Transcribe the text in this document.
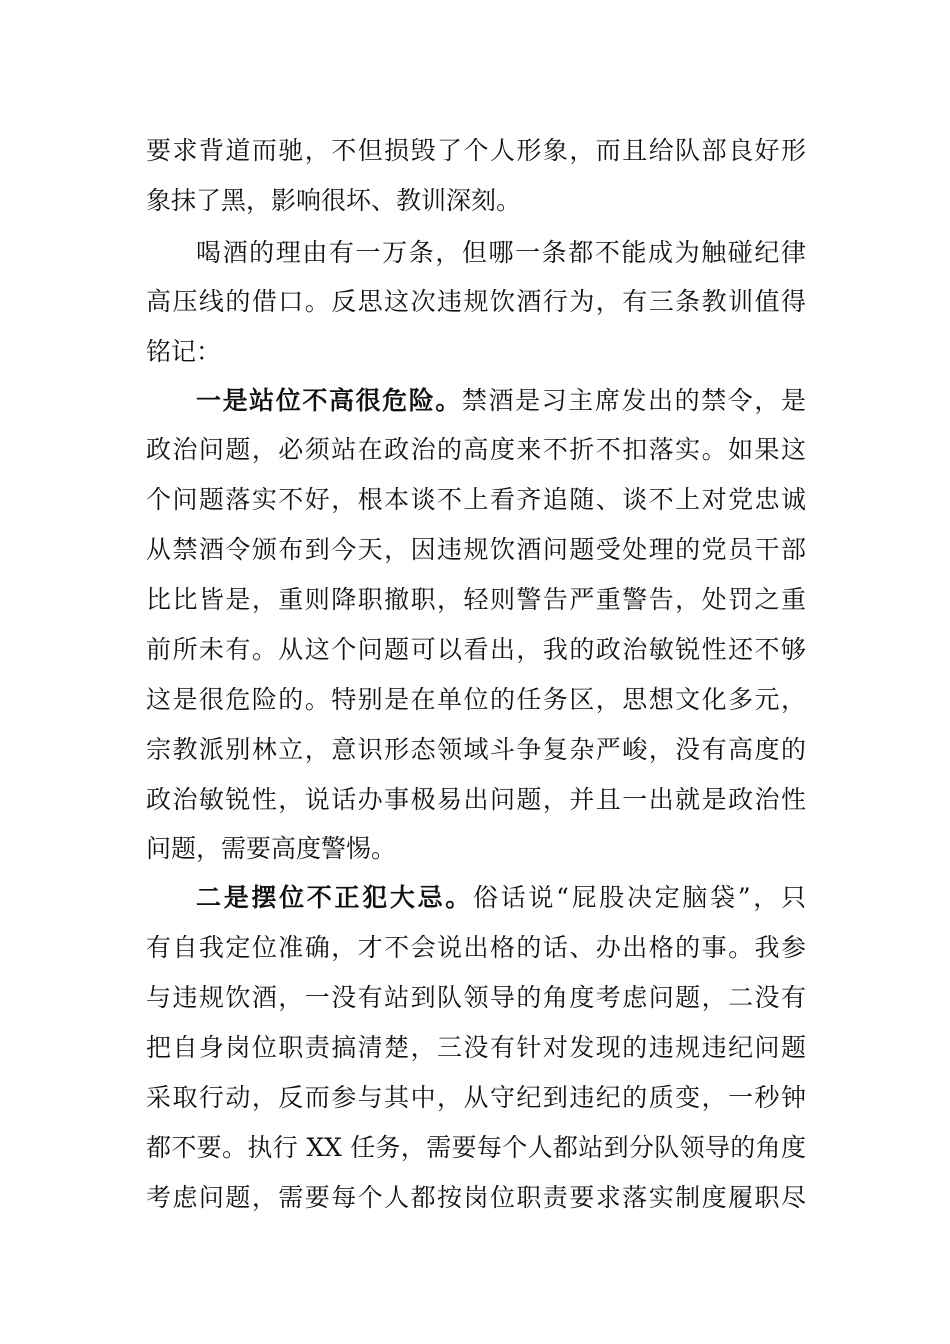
要求背道而驰，不但损毁了个人形象，而且给队部良好形
象抹了黑，影响很坏、教训深刻。
喝酒的理由有一万条，但哪一条都不能成为触碰纪律
高压线的借口。反思这次违规饮酒行为，有三条教训值得
铭记：
一是站位不高很危险。禁酒是习主席发出的禁令，是
政治问题，必须站在政治的高度来不折不扣落实。如果这
个问题落实不好，根本谈不上看齐追随、谈不上对党忠诚
从禁酒令颁布到今天，因违规饮酒问题受处理的党员干部
比比皆是，重则降职撤职，轻则警告严重警告，处罚之重
前所未有。从这个问题可以看出，我的政治敏锐性还不够
这是很危险的。特别是在单位的任务区，思想文化多元，
宗教派别林立，意识形态领域斗争复杂严峻，没有高度的
政治敏锐性，说话办事极易出问题，并且一出就是政治性
问题，需要高度警惕。
二是摆位不正犯大忌。俗话说“屁股决定脑袋”，只
有自我定位准确，才不会说出格的话、办出格的事。我参
与违规饮酒，一没有站到队领导的角度考虑问题，二没有
把自身岗位职责搞清楚，三没有针对发现的违规违纪问题
采取行动，反而参与其中，从守纪到违纪的质变，一秒钟
都不要。执行 XX 任务，需要每个人都站到分队领导的角度
考虑问题，需要每个人都按岗位职责要求落实制度履职尽
